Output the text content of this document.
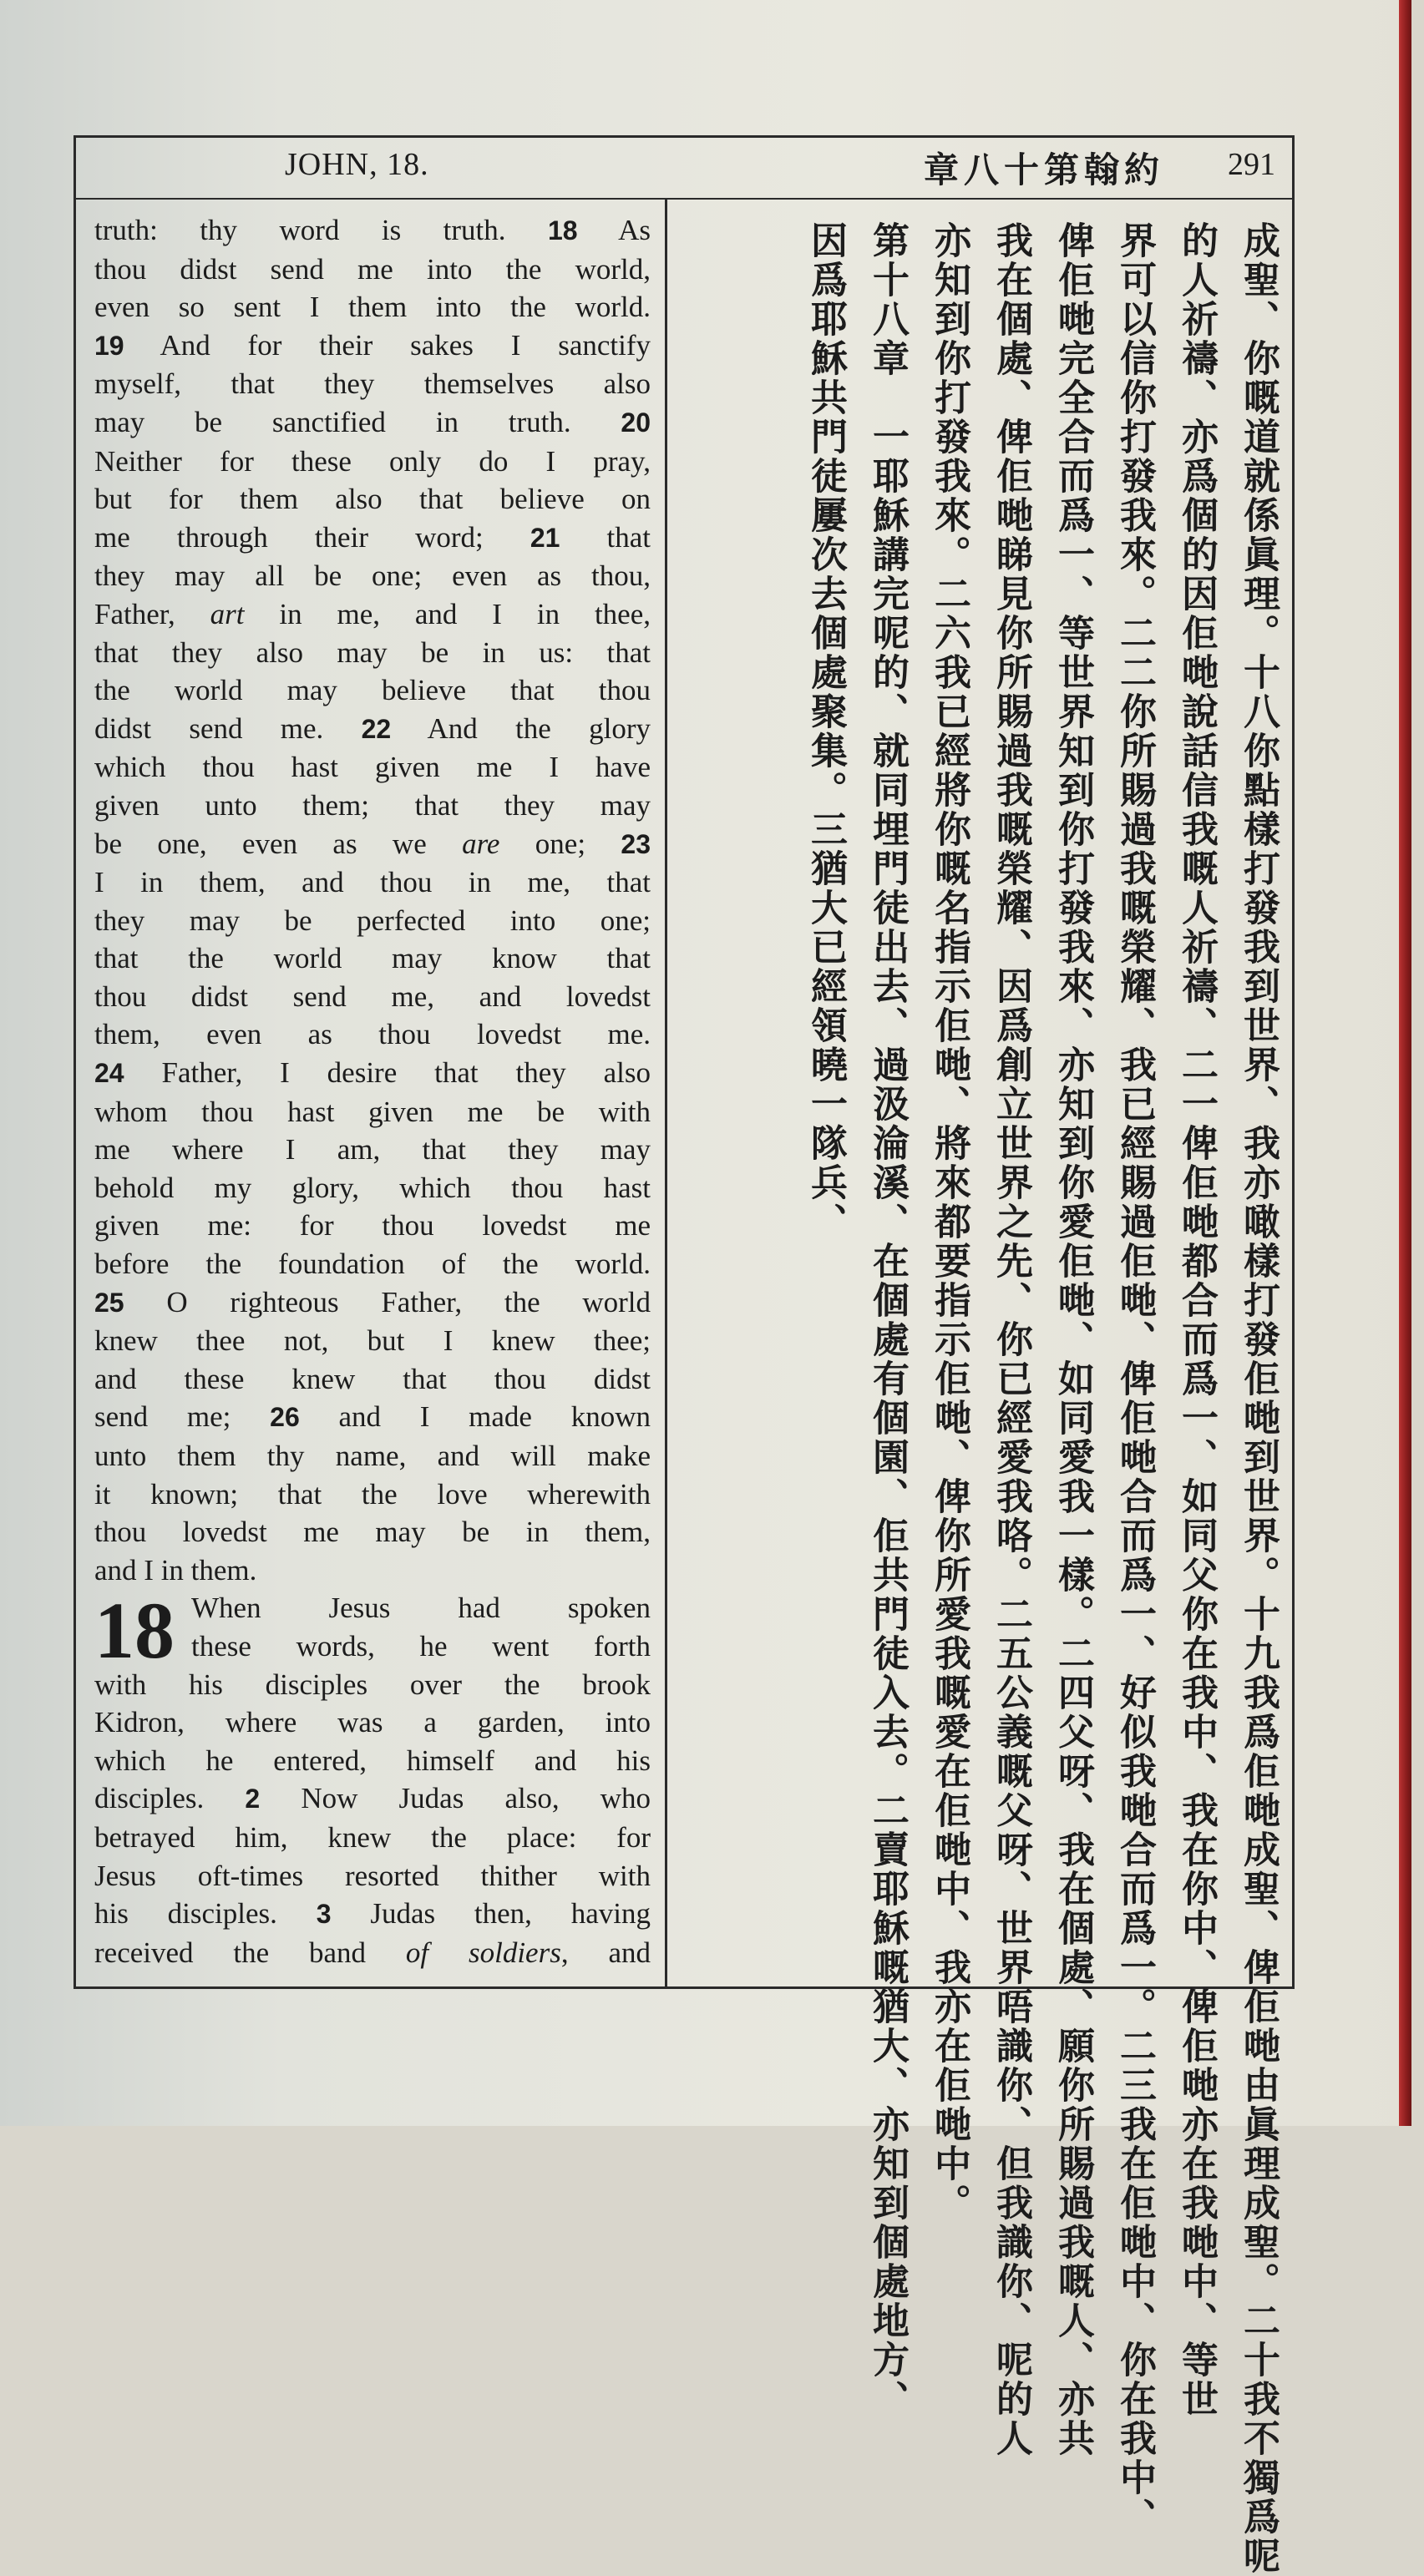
JOHN, 18.	章八十第翰約 291
truth: thy word is truth. 18 As
thou didst send me into the world,
even so sent I them into the world.
19 And for their sakes I sanctify
myself, that they themselves also
may be sanctified in truth. 20
Neither for these only do I pray,
but for them also that believe on
me through their word; 21 that
they may all be one; even as thou,
Father, art in me, and I in thee,
that they also may be in us: that
the world may believe that thou
didst send me. 22 And the glory
which thou hast given me I have
given unto them; that they may
be one, even as we are one; 23
I in them, and thou in me, that
they may be perfected into one;
that the world may know that
thou didst send me, and lovedst
them, even as thou lovedst me.
24 Father, I desire that they also
whom thou hast given me be with
me where I am, that they may
behold my glory, which thou hast
given me: for thou lovedst me
before the foundation of the world.
25 O righteous Father, the world
knew thee not, but I knew thee;
and these knew that thou didst
send me; 26 and I made known
unto them thy name, and will make
it known; that the love wherewith
thou lovedst me may be in them,
and I in them.
18 When Jesus had spoken
these words, he went forth
with his disciples over the brook
Kidron, where was a garden, into
which he entered, himself and his
disciples. 2 Now Judas also, who
betrayed him, knew the place: for
Jesus oft-times resorted thither with
his disciples. 3 Judas then, having
received the band of soldiers, and	成聖、你嘅道就係眞理。十八你點樣打發我到世界、我亦噉樣打發佢哋到世界。十九我爲佢哋成聖、俾佢哋由眞理成聖。二十我不獨爲呢
的人祈禱、亦爲個的因佢哋說話信我嘅人祈禱、二一俾佢哋都合而爲一、如同父你在我中、我在你中、俾佢哋亦在我哋中、等世
界可以信你打發我來。二二你所賜過我嘅榮耀、我已經賜過佢哋、俾佢哋合而爲一、好似我哋合而爲一。二三我在佢哋中、你在我中、
俾佢哋完全合而爲一、等世界知到你打發我來、亦知到你愛佢哋、如同愛我一樣。二四父呀、我在個處、願你所賜過我嘅人、亦共
我在個處、俾佢哋睇見你所賜過我嘅榮耀、因爲創立世界之先、你已經愛我咯。二五公義嘅父呀、世界唔識你、但我識你、呢的人
亦知到你打發我來。二六我已經將你嘅名指示佢哋、將來都要指示佢哋、俾你所愛我嘅愛在佢哋中、我亦在佢哋中。
第十八章　一耶穌講完呢的、就同埋門徒出去、過汲淪溪、在個處有個園、佢共門徒入去。二賣耶穌嘅猶大、亦知到個處地方、
因爲耶穌共門徒屢次去個處聚集。三猶大已經領曉一隊兵、
